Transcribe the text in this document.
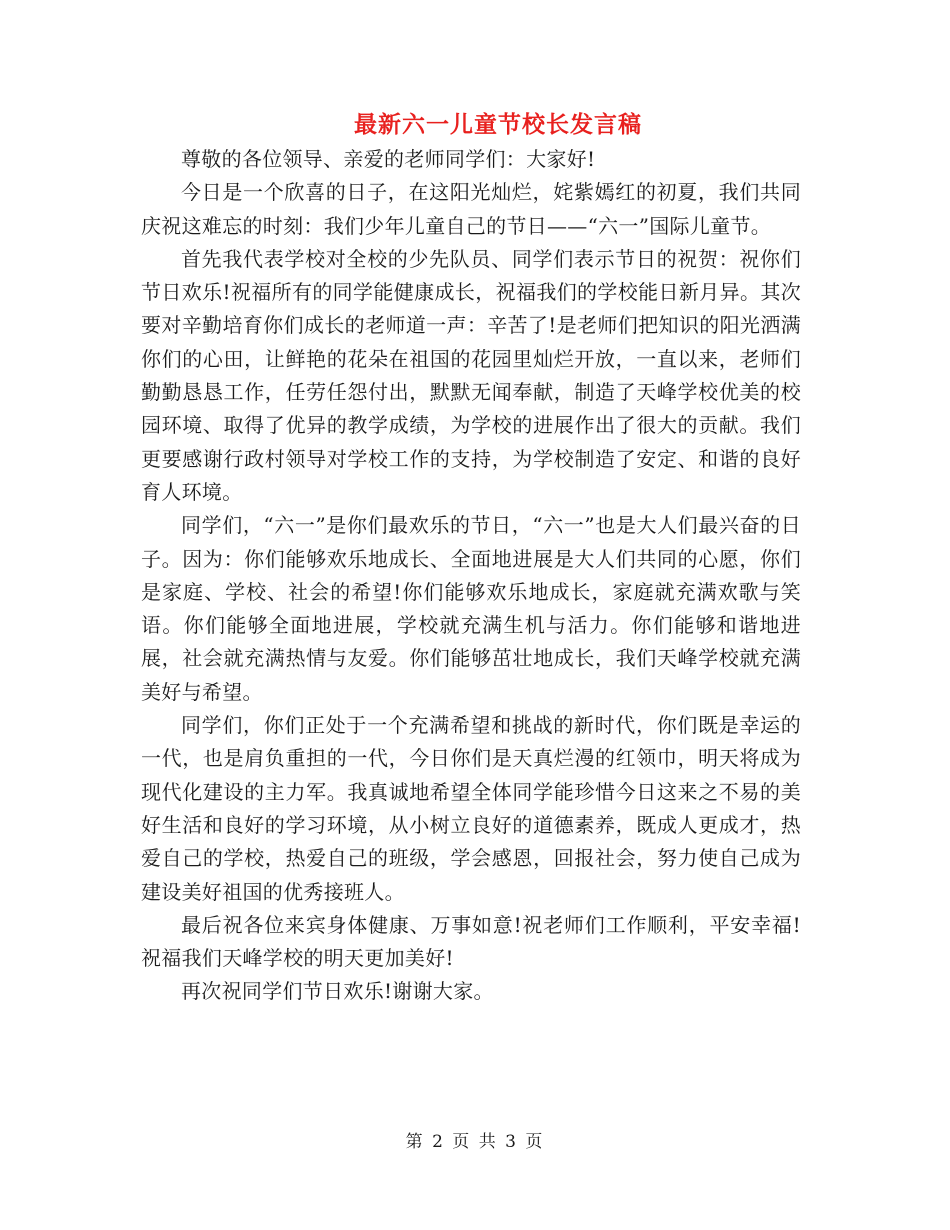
最新六一儿童节校长发言稿

尊敬的各位领导、亲爱的老师同学们：大家好!

今日是一个欣喜的日子，在这阳光灿烂，姹紫嫣红的初夏，我们共同庆祝这难忘的时刻：我们少年儿童自己的节日——“六一”国际儿童节。

首先我代表学校对全校的少先队员、同学们表示节日的祝贺：祝你们节日欢乐!祝福所有的同学能健康成长，祝福我们的学校能日新月异。其次要对辛勤培育你们成长的老师道一声：辛苦了!是老师们把知识的阳光洒满你们的心田，让鲜艳的花朵在祖国的花园里灿烂开放，一直以来，老师们勤勤恳恳工作，任劳任怨付出，默默无闻奉献，制造了天峰学校优美的校园环境、取得了优异的教学成绩，为学校的进展作出了很大的贡献。我们更要感谢行政村领导对学校工作的支持，为学校制造了安定、和谐的良好育人环境。

同学们，“六一”是你们最欢乐的节日，“六一”也是大人们最兴奋的日子。因为：你们能够欢乐地成长、全面地进展是大人们共同的心愿，你们是家庭、学校、社会的希望!你们能够欢乐地成长，家庭就充满欢歌与笑语。你们能够全面地进展，学校就充满生机与活力。你们能够和谐地进展，社会就充满热情与友爱。你们能够茁壮地成长，我们天峰学校就充满美好与希望。

同学们，你们正处于一个充满希望和挑战的新时代，你们既是幸运的一代，也是肩负重担的一代，今日你们是天真烂漫的红领巾，明天将成为现代化建设的主力军。我真诚地希望全体同学能珍惜今日这来之不易的美好生活和良好的学习环境，从小树立良好的道德素养，既成人更成才，热爱自己的学校，热爱自己的班级，学会感恩，回报社会，努力使自己成为建设美好祖国的优秀接班人。

最后祝各位来宾身体健康、万事如意!祝老师们工作顺利，平安幸福!祝福我们天峰学校的明天更加美好!

再次祝同学们节日欢乐!谢谢大家。

第 2 页 共 3 页
